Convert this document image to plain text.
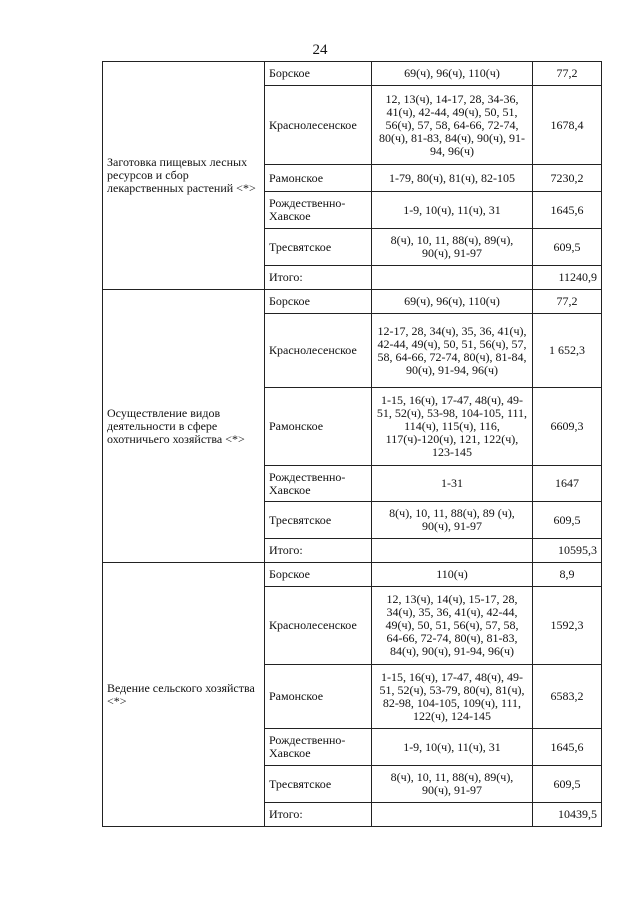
24
Заготовка пищевых лесных ресурсов и сбор лекарственных растений <*>	Борское	69(ч), 96(ч), 110(ч)	77,2
	Краснолесенское	12, 13(ч), 14-17, 28, 34-36, 41(ч), 42-44, 49(ч), 50, 51, 56(ч), 57, 58, 64-66, 72-74, 80(ч), 81-83, 84(ч), 90(ч), 91-94, 96(ч)	1678,4
	Рамонское	1-79, 80(ч), 81(ч), 82-105	7230,2
	Рождественно-Хавское	1-9, 10(ч), 11(ч), 31	1645,6
	Тресвятское	8(ч), 10, 11, 88(ч), 89(ч), 90(ч), 91-97	609,5
	Итого:		11240,9
Осуществление видов деятельности в сфере охотничьего хозяйства <*>	Борское	69(ч), 96(ч), 110(ч)	77,2
	Краснолесенское	12-17, 28, 34(ч), 35, 36, 41(ч), 42-44, 49(ч), 50, 51, 56(ч), 57, 58, 64-66, 72-74, 80(ч), 81-84, 90(ч), 91-94, 96(ч)	1 652,3
	Рамонское	1-15, 16(ч), 17-47, 48(ч), 49-51, 52(ч), 53-98, 104-105, 111, 114(ч), 115(ч), 116, 117(ч)-120(ч), 121, 122(ч), 123-145	6609,3
	Рождественно-Хавское	1-31	1647
	Тресвятское	8(ч), 10, 11, 88(ч), 89 (ч), 90(ч), 91-97	609,5
	Итого:		10595,3
Ведение сельского хозяйства <*>	Борское	110(ч)	8,9
	Краснолесенское	12, 13(ч), 14(ч), 15-17, 28, 34(ч), 35, 36, 41(ч), 42-44, 49(ч), 50, 51, 56(ч), 57, 58, 64-66, 72-74, 80(ч), 81-83, 84(ч), 90(ч), 91-94, 96(ч)	1592,3
	Рамонское	1-15, 16(ч), 17-47, 48(ч), 49-51, 52(ч), 53-79, 80(ч), 81(ч), 82-98, 104-105, 109(ч), 111, 122(ч), 124-145	6583,2
	Рождественно-Хавское	1-9, 10(ч), 11(ч), 31	1645,6
	Тресвятское	8(ч), 10, 11, 88(ч), 89(ч), 90(ч), 91-97	609,5
	Итого:		10439,5
